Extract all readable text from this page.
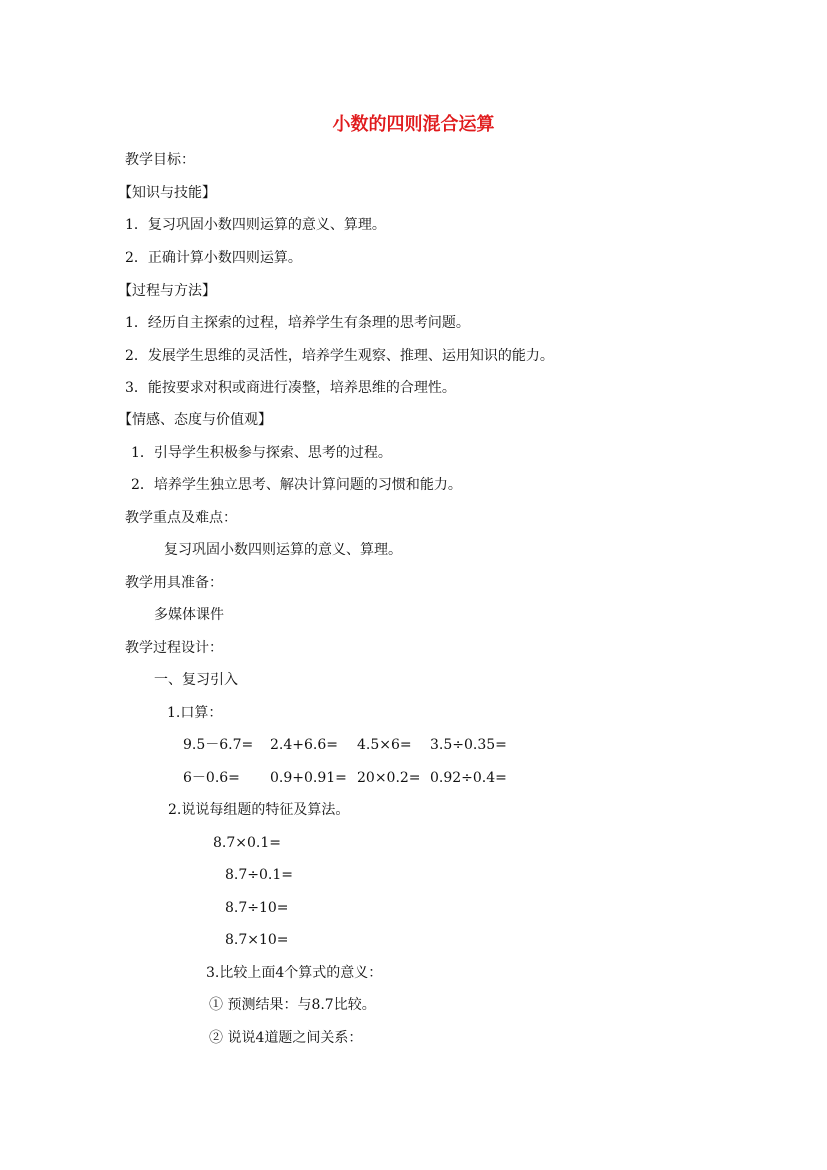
小数的四则混合运算
教学目标：
【知识与技能】
1．复习巩固小数四则运算的意义、算理。
2．正确计算小数四则运算。
【过程与方法】
1．经历自主探索的过程，培养学生有条理的思考问题。
2．发展学生思维的灵活性，培养学生观察、推理、运用知识的能力。
3．能按要求对积或商进行凑整，培养思维的合理性。
【情感、态度与价值观】
1．引导学生积极参与探索、思考的过程。
2．培养学生独立思考、解决计算问题的习惯和能力。
教学重点及难点：
复习巩固小数四则运算的意义、算理。
教学用具准备：
多媒体课件
教学过程设计：
一、复习引入
1.口算：
9.5－6.7= 2.4+6.6= 4.5×6= 3.5÷0.35=
6－0.6= 0.9+0.91= 20×0.2= 0.92÷0.4=
2.说说每组题的特征及算法。
8.7×0.1=
8.7÷0.1=
8.7÷10=
8.7×10=
3.比较上面4个算式的意义：
① 预测结果：与8.7比较。
② 说说4道题之间关系：
